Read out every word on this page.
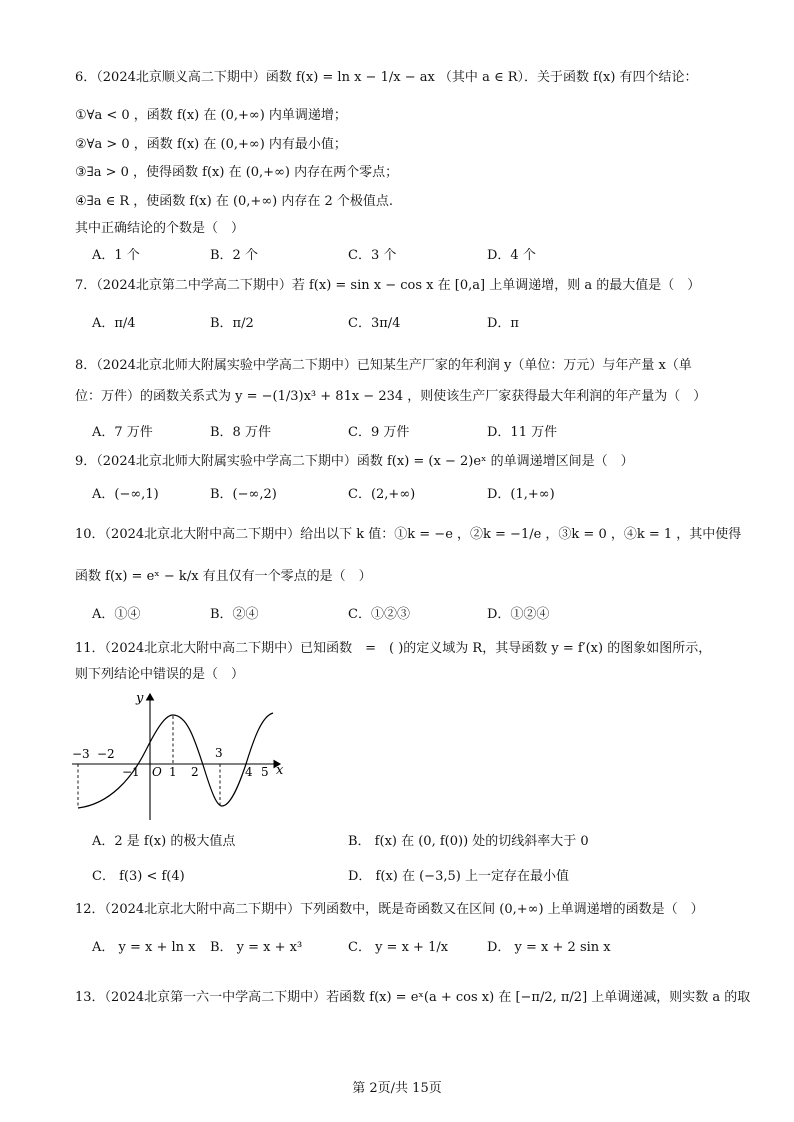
6．（2024北京顺义高二下期中）函数 f(x) = ln x − 1/x − ax （其中 a ∈ R）．关于函数 f(x) 有四个结论：
①∀a < 0 ，函数 f(x) 在 (0,+∞) 内单调递增；
②∀a > 0 ，函数 f(x) 在 (0,+∞) 内有最小值；
③∃a > 0 ，使得函数 f(x) 在 (0,+∞) 内存在两个零点；
④∃a ∈ R ，使函数 f(x) 在 (0,+∞) 内存在 2 个极值点.
其中正确结论的个数是（　）
A．1 个	B．2 个	C．3 个	D．4 个
7．（2024北京第二中学高二下期中）若 f(x) = sin x − cos x 在 [0,a] 上单调递增，则 a 的最大值是（　）
A．π/4	B．π/2	C．3π/4	D．π
8．（2024北京北师大附属实验中学高二下期中）已知某生产厂家的年利润 y（单位：万元）与年产量 x（单
位：万件）的函数关系式为 y = −(1/3)x³ + 81x − 234 ，则使该生产厂家获得最大年利润的年产量为（　）
A．7 万件	B．8 万件	C．9 万件	D．11 万件
9．（2024北京北师大附属实验中学高二下期中）函数 f(x) = (x − 2)eˣ 的单调递增区间是（　）
A．(−∞,1)	B．(−∞,2)	C．(2,+∞)	D．(1,+∞)
10．（2024北京北大附中高二下期中）给出以下 k 值：①k = −e ，②k = −1/e ，③k = 0 ，④k = 1 ，其中使得
函数 f(x) = eˣ − k/x 有且仅有一个零点的是（　）
A．①④	B．②④	C．①②③	D．①②④
11．（2024北京北大附中高二下期中）已知函数　=　( )的定义域为 R，其导函数 y = f′(x) 的图象如图所示，
则下列结论中错误的是（　）
y
x
O
−3 −2
−1 1 2
3
4 5
A．2 是 f(x) 的极大值点	B． f(x) 在 (0, f(0)) 处的切线斜率大于 0
C． f(3) < f(4)	D． f(x) 在 (−3,5) 上一定存在最小值
12．（2024北京北大附中高二下期中）下列函数中，既是奇函数又在区间 (0,+∞) 上单调递增的函数是（　）
A． y = x + ln x B． y = x + x³	C． y = x + 1/x	D． y = x + 2 sin x
13．（2024北京第一六一中学高二下期中）若函数 f(x) = eˣ(a + cos x) 在 [−π/2, π/2] 上单调递减，则实数 a 的取
第 2页/共 15页
